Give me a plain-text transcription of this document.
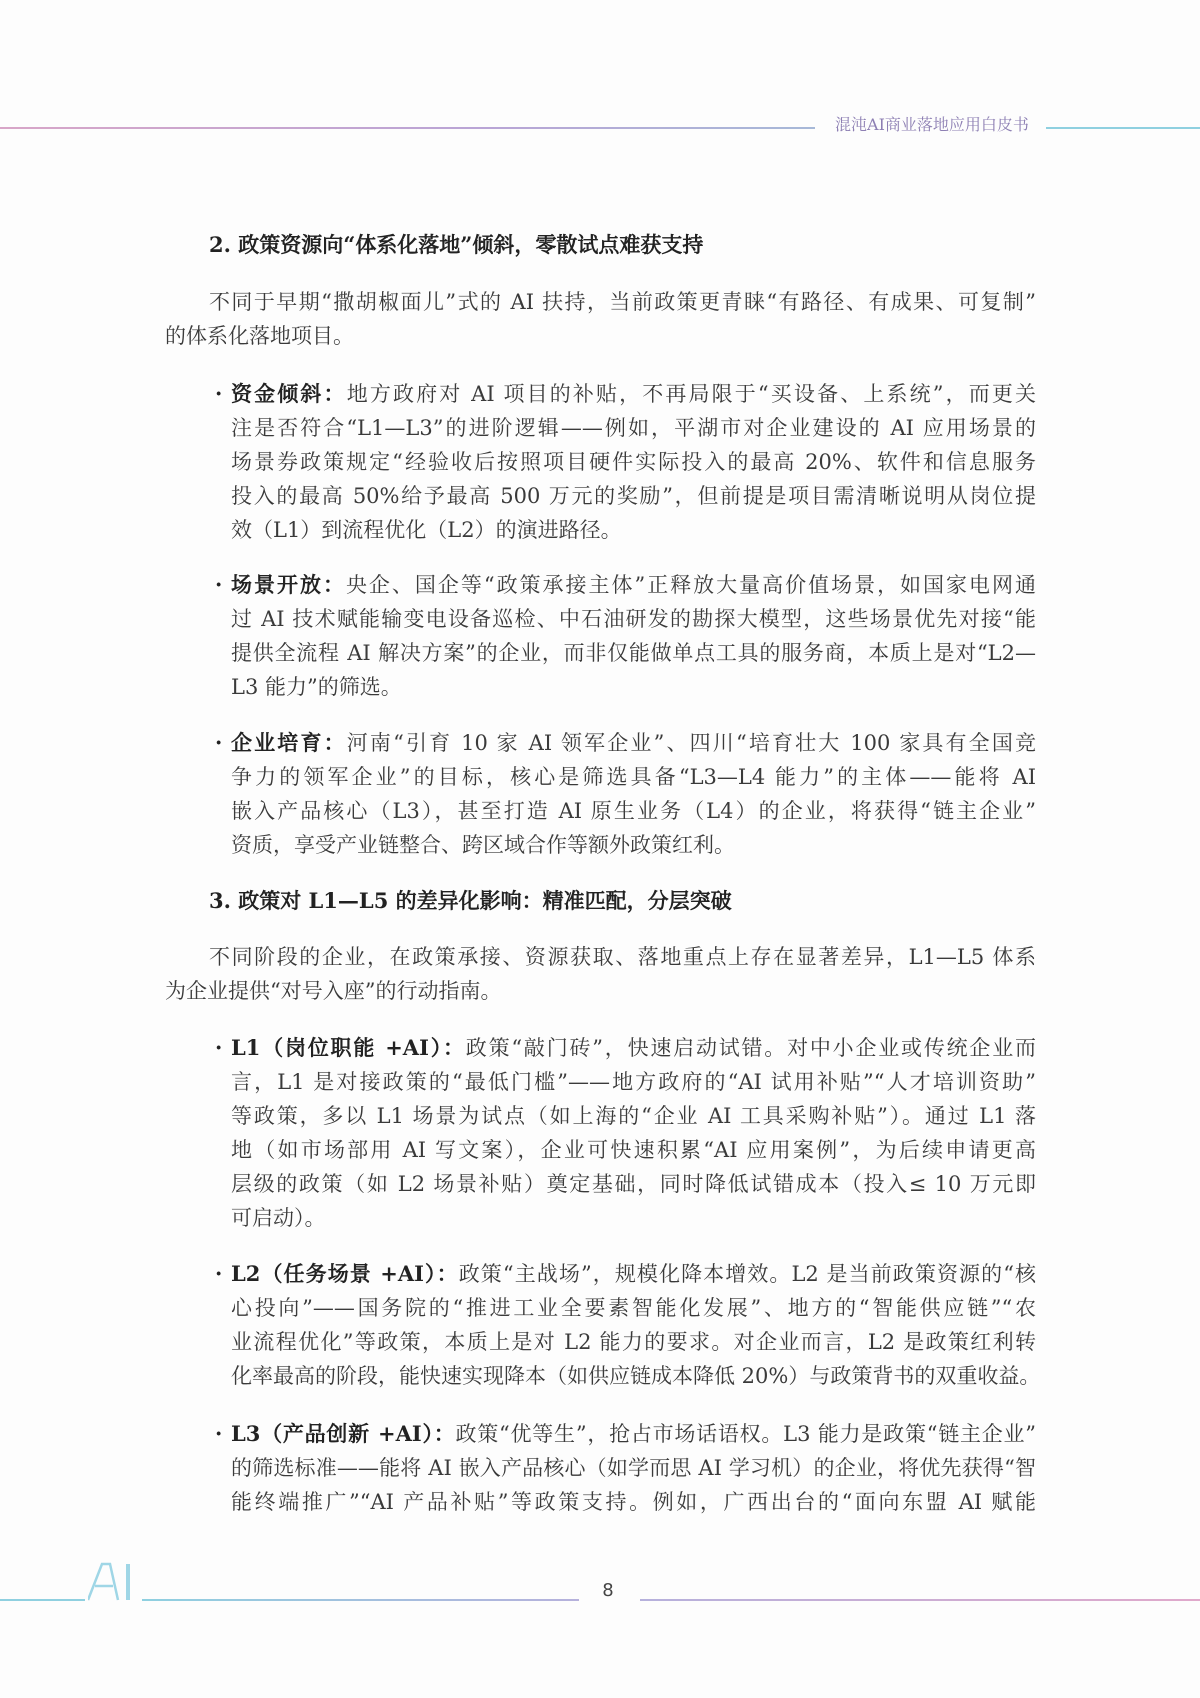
混沌AI商业落地应用白皮书
2. 政策资源向“体系化落地”倾斜，零散试点难获支持
不同于早期“撒胡椒面儿”式的 AI 扶持，当前政策更青睐“有路径、有成果、可复制”
的体系化落地项目。
· 资金倾斜：地方政府对 AI 项目的补贴，不再局限于“买设备、上系统”，而更关
注是否符合“L1—L3”的进阶逻辑——例如，平湖市对企业建设的 AI 应用场景的
场景券政策规定“经验收后按照项目硬件实际投入的最高 20%、软件和信息服务
投入的最高 50%给予最高 500 万元的奖励”，但前提是项目需清晰说明从岗位提
效（L1）到流程优化（L2）的演进路径。
· 场景开放：央企、国企等“政策承接主体”正释放大量高价值场景，如国家电网通
过 AI 技术赋能输变电设备巡检、中石油研发的勘探大模型，这些场景优先对接“能
提供全流程 AI 解决方案”的企业，而非仅能做单点工具的服务商，本质上是对“L2—
L3 能力”的筛选。
· 企业培育：河南“引育 10 家 AI 领军企业”、四川“培育壮大 100 家具有全国竞
争力的领军企业”的目标，核心是筛选具备“L3—L4 能力”的主体——能将 AI
嵌入产品核心（L3），甚至打造 AI 原生业务（L4）的企业，将获得“链主企业”
资质，享受产业链整合、跨区域合作等额外政策红利。
3. 政策对 L1—L5 的差异化影响：精准匹配，分层突破
不同阶段的企业，在政策承接、资源获取、落地重点上存在显著差异，L1—L5 体系
为企业提供“对号入座”的行动指南。
· L1（岗位职能 +AI）：政策“敲门砖”，快速启动试错。对中小企业或传统企业而
言，L1 是对接政策的“最低门槛”——地方政府的“AI 试用补贴”“人才培训资助”
等政策，多以 L1 场景为试点（如上海的“企业 AI 工具采购补贴”）。通过 L1 落
地（如市场部用 AI 写文案），企业可快速积累“AI 应用案例”，为后续申请更高
层级的政策（如 L2 场景补贴）奠定基础，同时降低试错成本（投入≤ 10 万元即
可启动）。
· L2（任务场景 +AI）：政策“主战场”，规模化降本增效。L2 是当前政策资源的“核
心投向”——国务院的“推进工业全要素智能化发展”、地方的“智能供应链”“农
业流程优化”等政策，本质上是对 L2 能力的要求。对企业而言，L2 是政策红利转
化率最高的阶段，能快速实现降本（如供应链成本降低 20%）与政策背书的双重收益。
· L3（产品创新 +AI）：政策“优等生”，抢占市场话语权。L3 能力是政策“链主企业”
的筛选标准——能将 AI 嵌入产品核心（如学而思 AI 学习机）的企业，将优先获得“智
能终端推广”“AI 产品补贴”等政策支持。例如，广西出台的“面向东盟 AI 赋能
8
